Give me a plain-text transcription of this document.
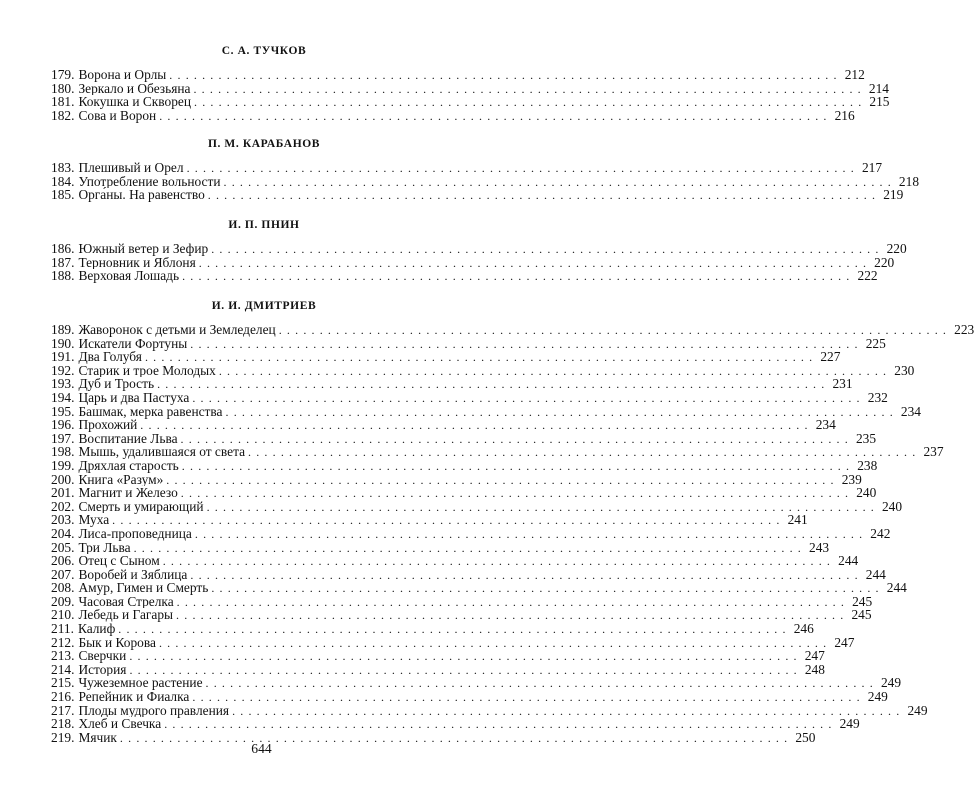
С. А. ТУЧКОВ
179. Ворона и Орлы .................................................................................. 212
180. Зеркало и Обезьяна .................................................................................. 214
181. Кокушка и Скворец .................................................................................. 215
182. Сова и Ворон .................................................................................. 216
П. М. КАРАБАНОВ
183. Плешивый и Орел .................................................................................. 217
184. Употребление вольности .................................................................................. 218
185. Орга́ны. На равенство .................................................................................. 219
И. П. ПНИН
186. Южный ветер и Зефир .................................................................................. 220
187. Терновник и Яблоня .................................................................................. 220
188. Верховая Лошадь .................................................................................. 222
И. И. ДМИТРИЕВ
189. Жаворонок с детьми и Земледелец .................................................................................. 223
190. Искатели Фортуны .................................................................................. 225
191. Два Голубя .................................................................................. 227
192. Старик и трое Молодых .................................................................................. 230
193. Дуб и Трость .................................................................................. 231
194. Царь и два Пастуха .................................................................................. 232
195. Башмак, мерка равенства .................................................................................. 234
196. Прохожий .................................................................................. 234
197. Воспитание Льва .................................................................................. 235
198. Мышь, удалившаяся от света .................................................................................. 237
199. Дряхлая старость .................................................................................. 238
200. Книга «Разум» .................................................................................. 239
201. Магнит и Железо .................................................................................. 240
202. Смерть и умирающий .................................................................................. 240
203. Муха .................................................................................. 241
204. Лиса-проповедница .................................................................................. 242
205. Три Льва .................................................................................. 243
206. Отец с Сыном .................................................................................. 244
207. Воробей и Зяблица .................................................................................. 244
208. Амур, Гимен и Смерть .................................................................................. 244
209. Часовая Стрелка .................................................................................. 245
210. Лебедь и Гагары .................................................................................. 245
211. Калиф .................................................................................. 246
212. Бык и Корова .................................................................................. 247
213. Сверчки .................................................................................. 247
214. История .................................................................................. 248
215. Чужеземное растение .................................................................................. 249
216. Репейник и Фиалка .................................................................................. 249
217. Плоды мудрого правления .................................................................................. 249
218. Хлеб и Свечка .................................................................................. 249
219. Мячик .................................................................................. 250
644
